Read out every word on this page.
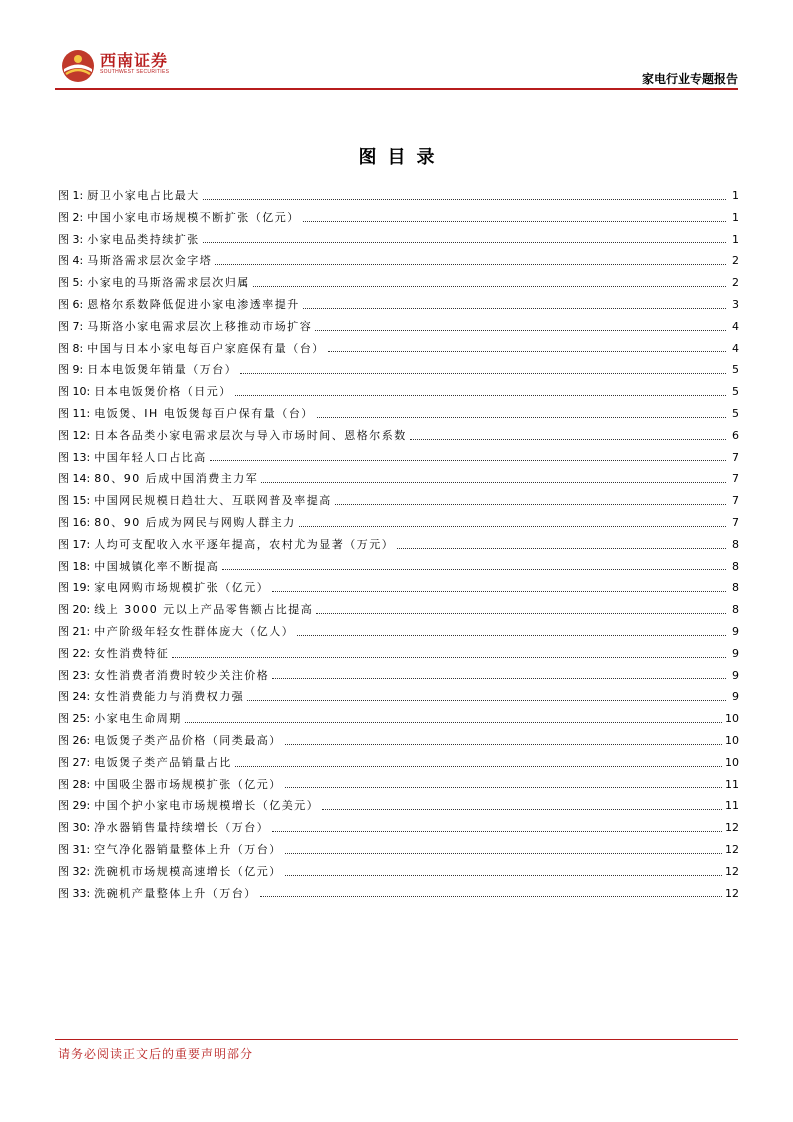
西南证券
SOUTHWEST SECURITIES	家电行业专题报告
图目录
图 1: 厨卫小家电占比最大	1
图 2: 中国小家电市场规模不断扩张（亿元）	1
图 3: 小家电品类持续扩张	1
图 4: 马斯洛需求层次金字塔	2
图 5: 小家电的马斯洛需求层次归属	2
图 6: 恩格尔系数降低促进小家电渗透率提升	3
图 7: 马斯洛小家电需求层次上移推动市场扩容	4
图 8: 中国与日本小家电每百户家庭保有量（台）	4
图 9: 日本电饭煲年销量（万台）	5
图 10: 日本电饭煲价格（日元）	5
图 11: 电饭煲、IH 电饭煲每百户保有量（台）	5
图 12: 日本各品类小家电需求层次与导入市场时间、恩格尔系数	6
图 13: 中国年轻人口占比高	7
图 14: 80、90 后成中国消费主力军	7
图 15: 中国网民规模日趋壮大、互联网普及率提高	7
图 16: 80、90 后成为网民与网购人群主力	7
图 17: 人均可支配收入水平逐年提高，农村尤为显著（万元）	8
图 18: 中国城镇化率不断提高	8
图 19: 家电网购市场规模扩张（亿元）	8
图 20: 线上 3000 元以上产品零售额占比提高	8
图 21: 中产阶级年轻女性群体庞大（亿人）	9
图 22: 女性消费特征	9
图 23: 女性消费者消费时较少关注价格	9
图 24: 女性消费能力与消费权力强	9
图 25: 小家电生命周期	10
图 26: 电饭煲子类产品价格（同类最高）	10
图 27: 电饭煲子类产品销量占比	10
图 28: 中国吸尘器市场规模扩张（亿元）	11
图 29: 中国个护小家电市场规模增长（亿美元）	11
图 30: 净水器销售量持续增长（万台）	12
图 31: 空气净化器销量整体上升（万台）	12
图 32: 洗碗机市场规模高速增长（亿元）	12
图 33: 洗碗机产量整体上升（万台）	12
请务必阅读正文后的重要声明部分
